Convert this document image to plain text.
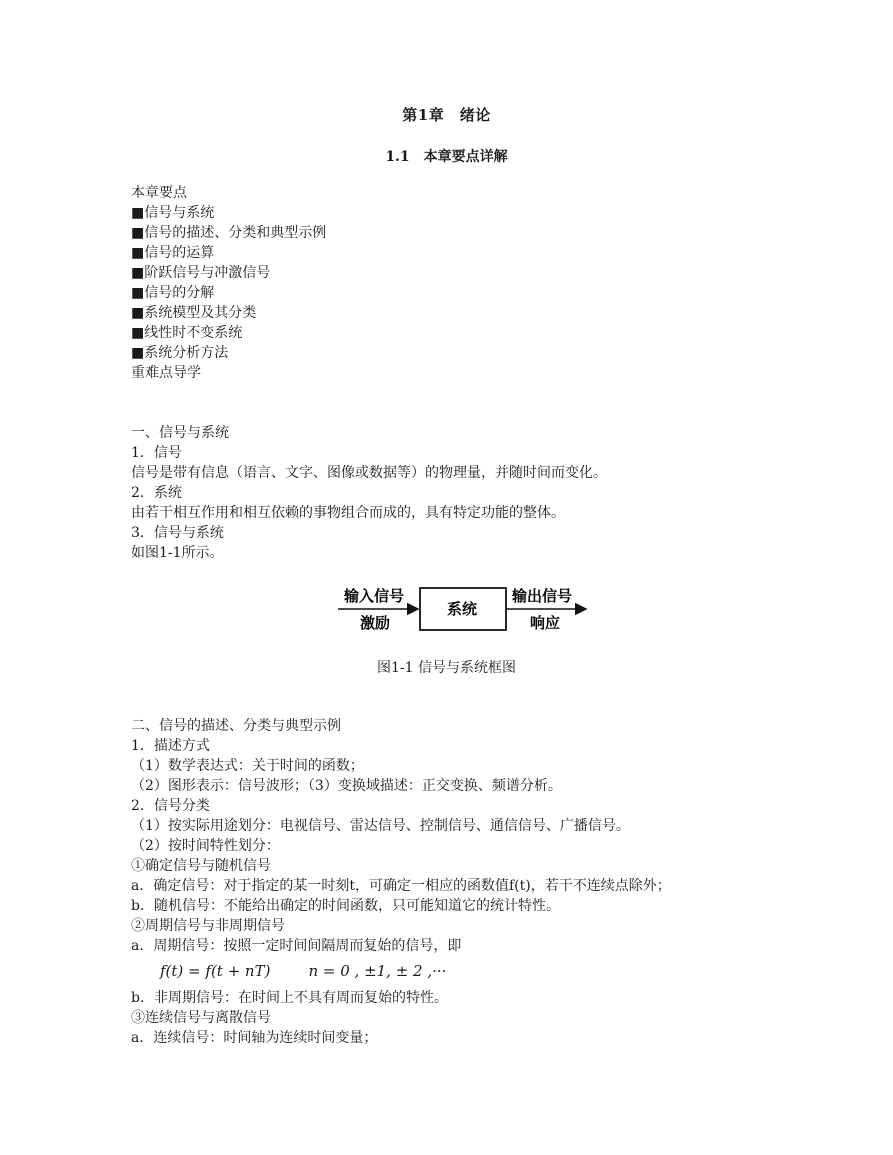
第1章　绪论
1.1　本章要点详解
本章要点
■信号与系统
■信号的描述、分类和典型示例
■信号的运算
■阶跃信号与冲激信号
■信号的分解
■系统模型及其分类
■线性时不变系统
■系统分析方法
重难点导学
一、信号与系统
1．信号
信号是带有信息（语言、文字、图像或数据等）的物理量，并随时间而变化。
2．系统
由若干相互作用和相互依赖的事物组合而成的，具有特定功能的整体。
3．信号与系统
如图1-1所示。
输入信号
激励
系统
输出信号
响应
图1-1 信号与系统框图
二、信号的描述、分类与典型示例
1．描述方式
（1）数学表达式：关于时间的函数；
（2）图形表示：信号波形；（3）变换域描述：正交变换、频谱分析。
2．信号分类
（1）按实际用途划分：电视信号、雷达信号、控制信号、通信信号、广播信号。
（2）按时间特性划分：
①确定信号与随机信号
a．确定信号：对于指定的某一时刻t，可确定一相应的函数值f(t)，若干不连续点除外；
b．随机信号：不能给出确定的时间函数，只可能知道它的统计特性。
②周期信号与非周期信号
a．周期信号：按照一定时间间隔周而复始的信号，即
f(t) = f(t + nT)	n = 0 , ±1, ± 2 ,···
b．非周期信号：在时间上不具有周而复始的特性。
③连续信号与离散信号
a．连续信号：时间轴为连续时间变量；
